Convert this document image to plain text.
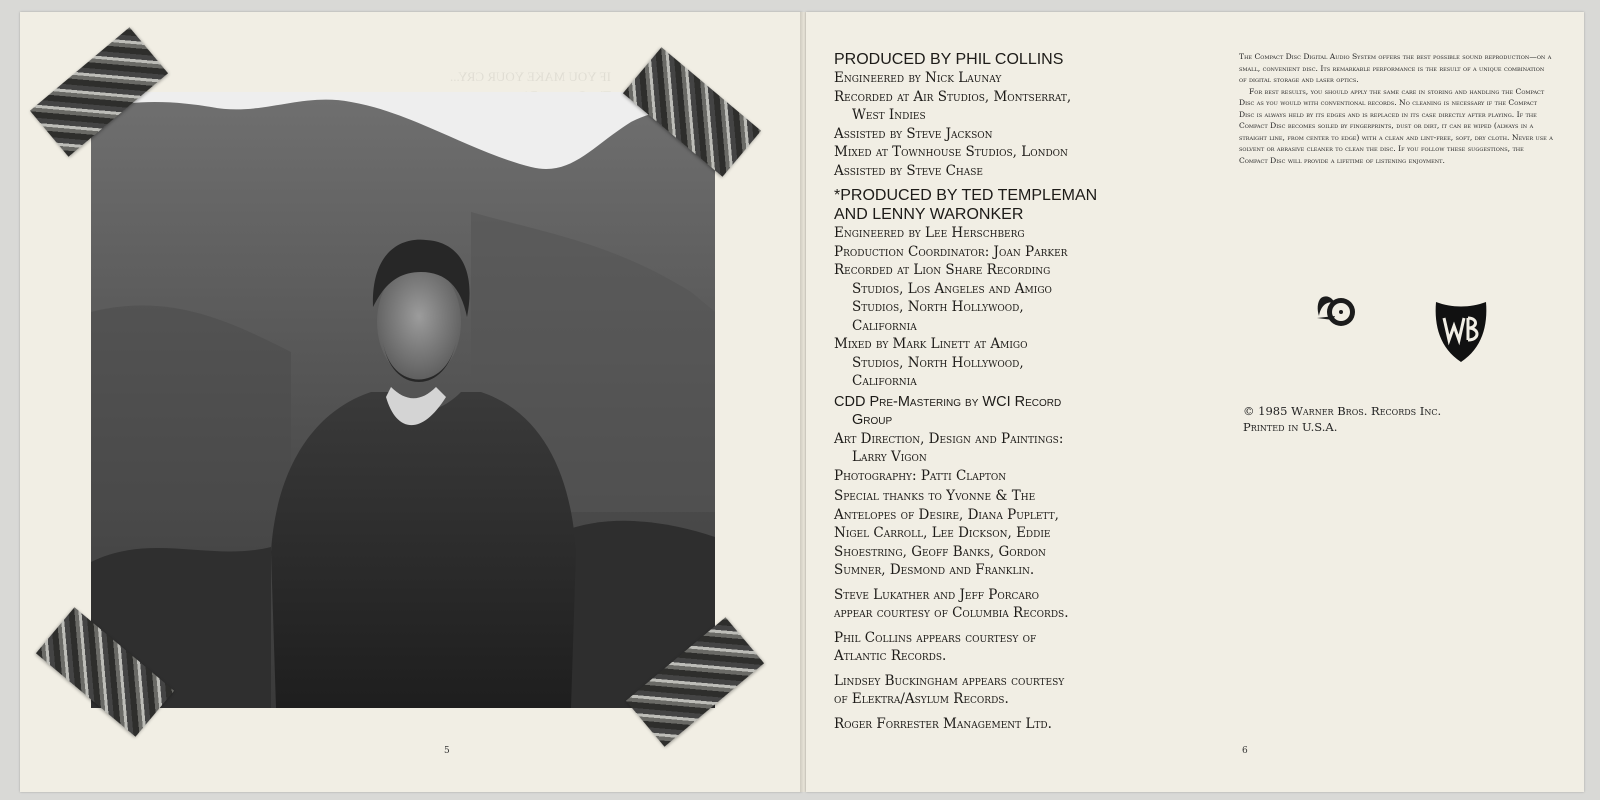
IF YOU MAKE YOUR CRY...

5	6
PRODUCED BY PHIL COLLINS
Engineered by Nick Launay
Recorded at Air Studios, Montserrat,
West Indies
Assisted by Steve Jackson
Mixed at Townhouse Studios, London
Assisted by Steve Chase
*PRODUCED BY TED TEMPLEMAN
AND LENNY WARONKER
Engineered by Lee Herschberg
Production Coordinator: Joan Parker
Recorded at Lion Share Recording
Studios, Los Angeles and Amigo
Studios, North Hollywood,
California
Mixed by Mark Linett at Amigo
Studios, North Hollywood,
California
CDD Pre-Mastering by WCI Record
Group
Art Direction, Design and Paintings:
Larry Vigon
Photography: Patti Clapton
Special thanks to Yvonne & The
Antelopes of Desire, Diana Puplett,
Nigel Carroll, Lee Dickson, Eddie
Shoestring, Geoff Banks, Gordon
Sumner, Desmond and Franklin.
Steve Lukather and Jeff Porcaro
appear courtesy of Columbia Records.
Phil Collins appears courtesy of
Atlantic Records.
Lindsey Buckingham appears courtesy
of Elektra/Asylum Records.
Roger Forrester Management Ltd.

The Compact Disc Digital Audio System offers the best possible sound reproduction—on a small, convenient disc. Its remarkable performance is the result of a unique combination of digital storage and laser optics.

For best results, you should apply the same care in storing and handling the Compact Disc as you would with conventional records. No cleaning is necessary if the Compact Disc is always held by its edges and is replaced in its case directly after playing. If the Compact Disc becomes soiled by fingerprints, dust or dirt, it can be wiped (always in a straight line, from center to edge) with a clean and lint-free, soft, dry cloth. Never use a solvent or abrasive cleaner to clean the disc. If you follow these suggestions, the Compact Disc will provide a lifetime of listening enjoyment.

© 1985 Warner Bros. Records Inc.
Printed in U.S.A.
